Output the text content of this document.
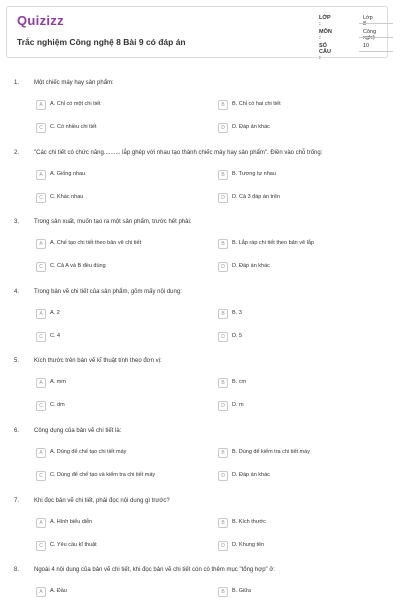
Quizizz
Trắc nghiệm Công nghệ 8 Bài 9 có đáp án
LỚP :
Lớp 8
MÔN :
Công nghệ
SỐ CÂU :
10
1. Một chiếc máy hay sản phẩm:
A	A. Chỉ có một chi tiết	B	B. Chỉ có hai chi tiết
C	C. Có nhiều chi tiết	D	D. Đáp án khác
2. "Các chi tiết có chức năng.......... lắp ghép với nhau tạo thành chiếc máy hay sản phẩm". Điền vào chỗ trống:
A	A. Giống nhau	B	B. Tương tự nhau
C	C. Khác nhau	D	D. Cả 3 đáp án trên
3. Trong sản xuất, muốn tạo ra một sản phẩm, trước hết phải:
A	A. Chế tạo chi tiết theo bản vẽ chi tiết	B	B. Lắp ráp chi tiết theo bản vẽ lắp
C	C. Cả A và B đều đúng	D	D. Đáp án khác
4. Trong bản vẽ chi tiết của sản phẩm, gồm mấy nội dung:
A	A. 2	B	B. 3
C	C. 4	D	D. 5
5. Kích thước trên bản vẽ kĩ thuật tính theo đơn vị:
A	A. mm	B	B. cm
C	C. dm	D	D. m
6. Công dụng của bản vẽ chi tiết là:
A	A. Dùng để chế tạo chi tiết máy	B	B. Dùng để kiểm tra chi tiết máy
C	C. Dùng để chế tạo và kiểm tra chi tiết máy	D	D. Đáp án khác
7. Khi đọc bản vẽ chi tiết, phải đọc nội dung gì trước?
A	A. Hình biểu diễn	B	B. Kích thước
C	C. Yêu cầu kĩ thuật	D	D. Khung tên
8. Ngoài 4 nội dung của bản vẽ chi tiết, khi đọc bản vẽ chi tiết còn có thêm mục "tổng hợp" ở:
A	A. Đầu	B	B. Giữa
